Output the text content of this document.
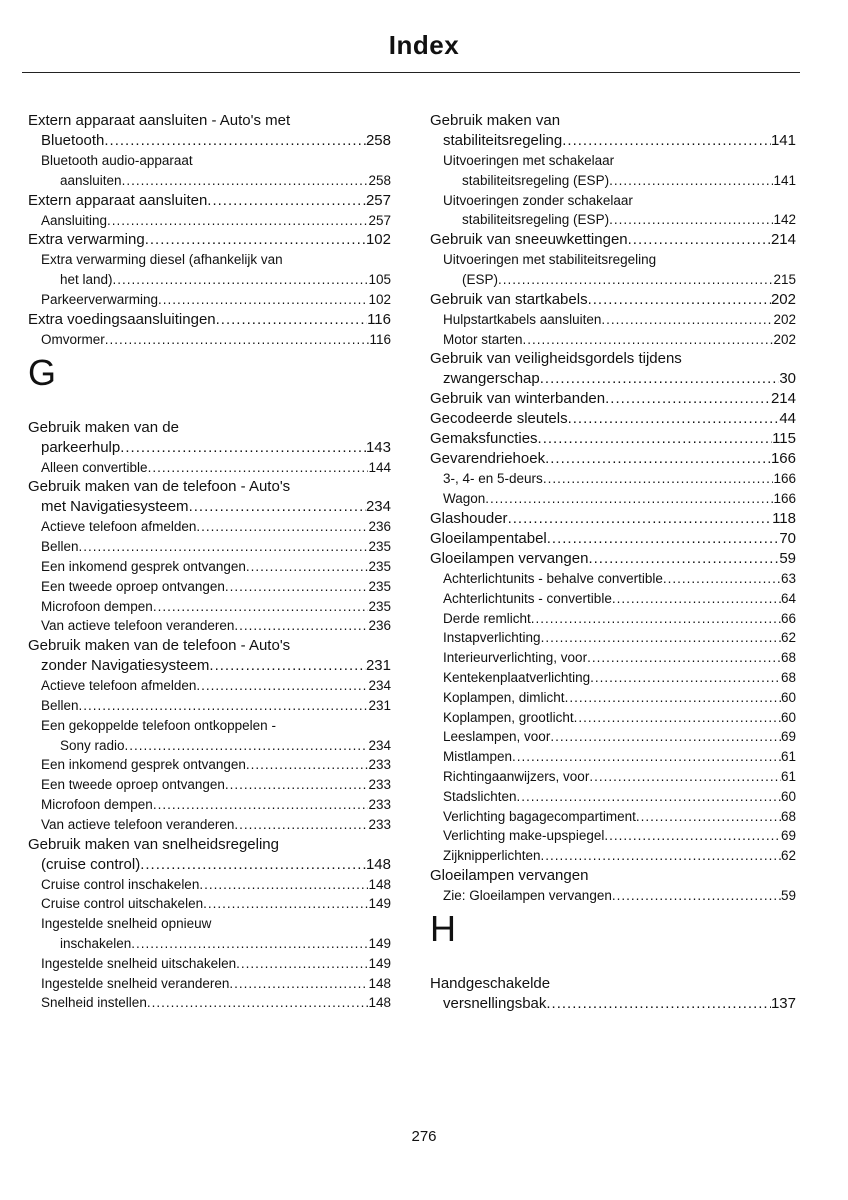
Index
Extern apparaat aansluiten - Auto's met
Bluetooth .....	258
Bluetooth audio-apparaat
aansluiten .....	258
Extern apparaat aansluiten .....	257
Aansluiting .....	257
Extra verwarming .....	102
Extra verwarming diesel (afhankelijk van
het land) .....	105
Parkeerverwarming .....	102
Extra voedingsaansluitingen .....	116
Omvormer .....	116
G
Gebruik maken van de
parkeerhulp .....	143
Alleen convertible .....	144
Gebruik maken van de telefoon - Auto's
met Navigatiesysteem .....	234
Actieve telefoon afmelden .....	236
Bellen .....	235
Een inkomend gesprek ontvangen .....	235
Een tweede oproep ontvangen .....	235
Microfoon dempen .....	235
Van actieve telefoon veranderen .....	236
Gebruik maken van de telefoon - Auto's
zonder Navigatiesysteem .....	231
Actieve telefoon afmelden .....	234
Bellen .....	231
Een gekoppelde telefoon ontkoppelen -
Sony radio .....	234
Een inkomend gesprek ontvangen .....	233
Een tweede oproep ontvangen .....	233
Microfoon dempen .....	233
Van actieve telefoon veranderen .....	233
Gebruik maken van snelheidsregeling
(cruise control) .....	148
Cruise control inschakelen .....	148
Cruise control uitschakelen .....	149
Ingestelde snelheid opnieuw
inschakelen .....	149
Ingestelde snelheid uitschakelen .....	149
Ingestelde snelheid veranderen .....	148
Snelheid instellen .....	148
Gebruik maken van
stabiliteitsregeling .....	141
Uitvoeringen met schakelaar
stabiliteitsregeling (ESP) .....	141
Uitvoeringen zonder schakelaar
stabiliteitsregeling (ESP) .....	142
Gebruik van sneeuwkettingen .....	214
Uitvoeringen met stabiliteitsregeling
(ESP) .....	215
Gebruik van startkabels .....	202
Hulpstartkabels aansluiten .....	202
Motor starten .....	202
Gebruik van veiligheidsgordels tijdens
zwangerschap .....	30
Gebruik van winterbanden .....	214
Gecodeerde sleutels .....	44
Gemaksfuncties .....	115
Gevarendriehoek .....	166
3-, 4- en 5-deurs .....	166
Wagon .....	166
Glashouder .....	118
Gloeilampentabel .....	70
Gloeilampen vervangen .....	59
Achterlichtunits - behalve convertible .....	63
Achterlichtunits - convertible .....	64
Derde remlicht .....	66
Instapverlichting .....	62
Interieurverlichting, voor .....	68
Kentekenplaatverlichting .....	68
Koplampen, dimlicht .....	60
Koplampen, grootlicht .....	60
Leeslampen, voor .....	69
Mistlampen .....	61
Richtingaanwijzers, voor .....	61
Stadslichten .....	60
Verlichting bagagecompartiment .....	68
Verlichting make-upspiegel .....	69
Zijknipperlichten .....	62
Gloeilampen vervangen
Zie: Gloeilampen vervangen .....	59
H
Handgeschakelde
versnellingsbak .....	137
276
